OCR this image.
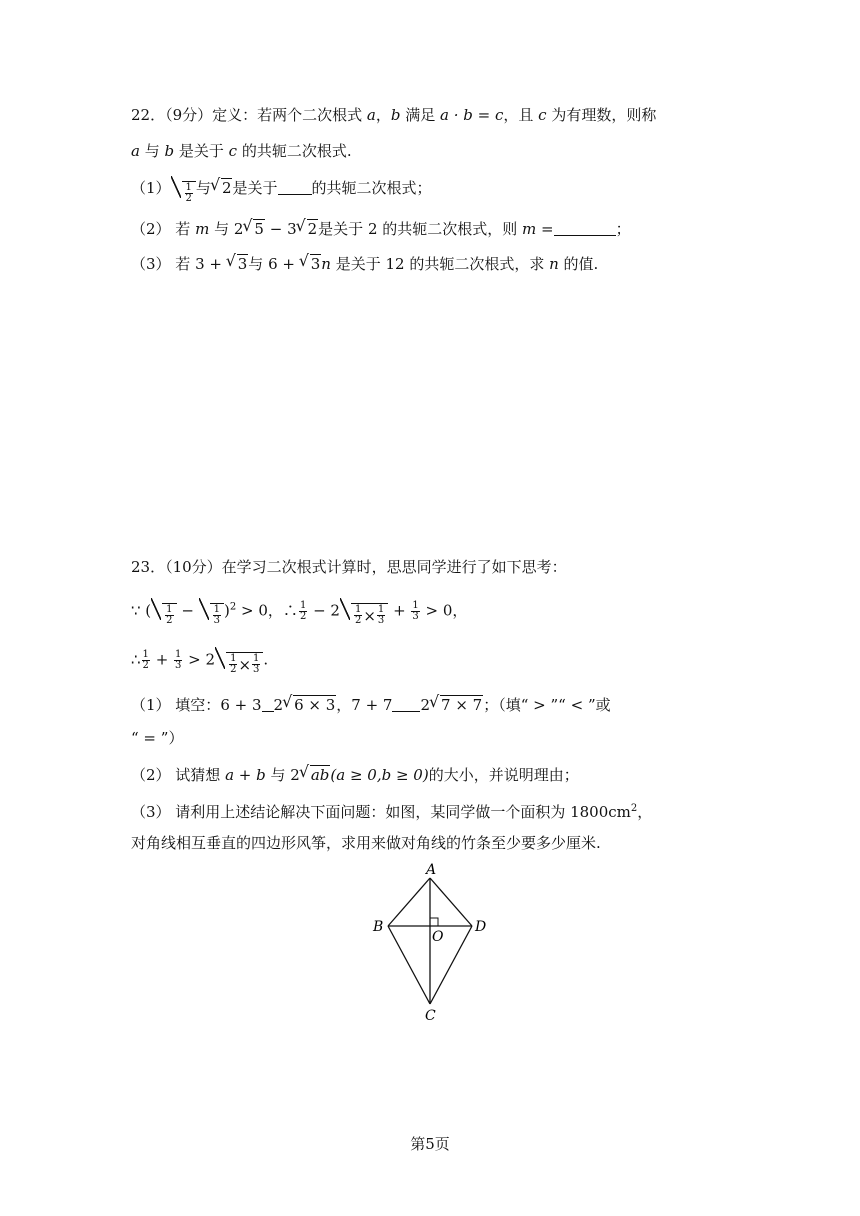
22．（9分）定义：若两个二次根式 a，b 满足 a · b = c，且 c 为有理数，则称
a 与 b 是关于 c 的共轭二次根式.
$(1) \frac{1}{2}$ 与 √ 2是关于 的共轭二次根式；
（2） 若 m 与 2 √ 5 − 3 √ 2是关于 2 的共轭二次根式，则 m =	；
（3） 若 3 + √ 3与 6 + √ 3n 是关于 12 的共轭二次根式，求 n 的值.
23．（10分）在学习二次根式计算时，思思同学进行了如下思考：
∵ ( $\frac{1}{2} - \frac{1}{3} )^2 > 0$，∴ $\frac{1}{2} - 2 \frac{1}{2} \times \frac{1}{3} + \frac{1}{3} > 0$，
∴ $\frac{1}{2} + \frac{1}{3} > 2 \frac{1}{2} \times \frac{1}{3}$ .
（1） 填空：6 + 3 2 √ 6 × 3，7 + 7 2 √ 7 × 7；（填“ > ”“ < ”或
“ = ”）
（2） 试猜想 a + b 与 2 √ ab(a ≥ 0,b ≥ 0)的大小，并说明理由；
（3） 请利用上述结论解决下面问题：如图，某同学做一个面积为 $1800cm^2$，
对角线相互垂直的四边形风筝，求用来做对角线的竹条至少要多少厘米.
A
B	D
O
C
第5页
